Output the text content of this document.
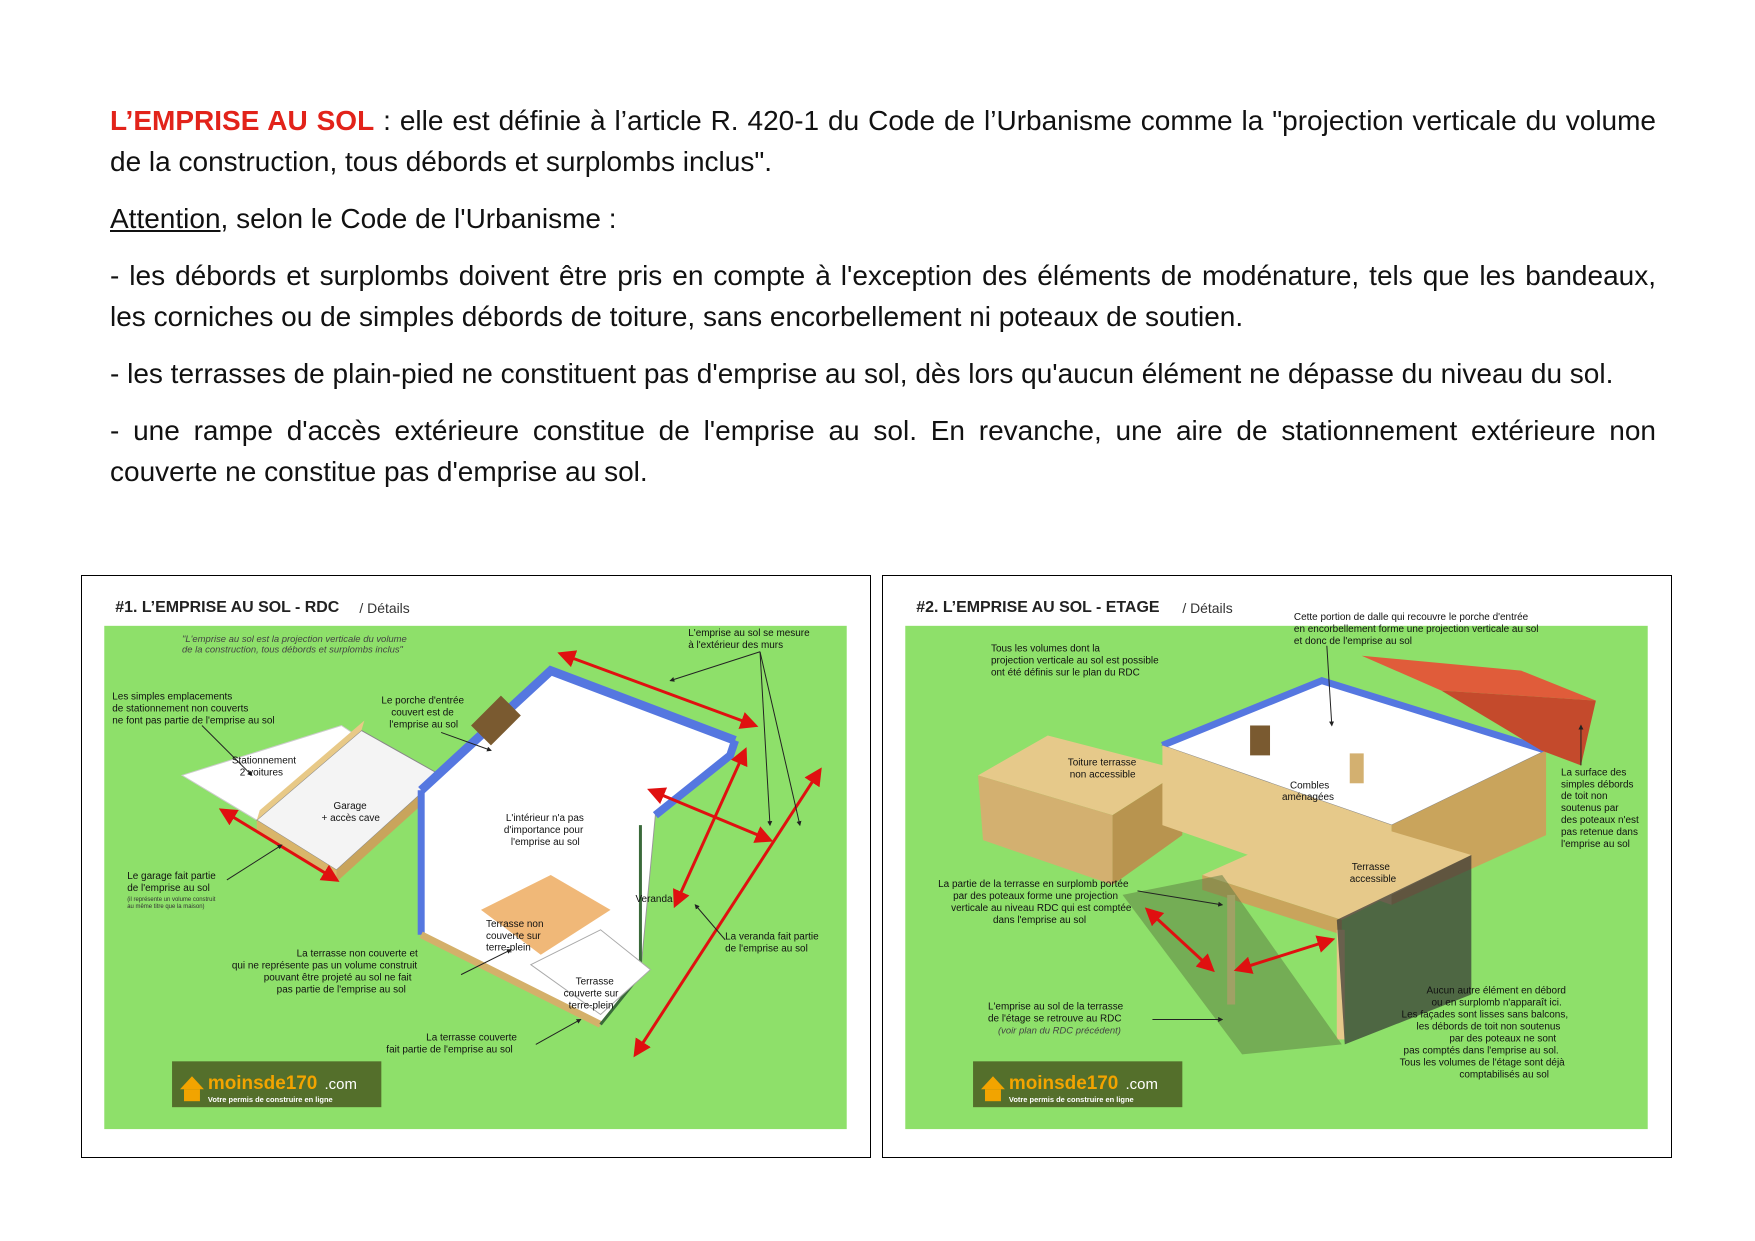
L’EMPRISE AU SOL : elle est définie à l’article R. 420-1 du Code de l’Urbanisme comme la "projection verticale du volume de la construction, tous débords et surplombs inclus".

Attention, selon le Code de l'Urbanisme :

- les débords et surplombs doivent être pris en compte à l'exception des éléments de modénature, tels que les bandeaux, les corniches ou de simples débords de toiture, sans encorbellement ni poteaux de soutien.

- les terrasses de plain-pied ne constituent pas d'emprise au sol, dès lors qu'aucun élément ne dépasse du niveau du sol.

- une rampe d'accès extérieure constitue de l'emprise au sol. En revanche, une aire de stationnement extérieure non couverte ne constitue pas d'emprise au sol.

#1. L’EMPRISE AU SOL - RDC / Détails
"L'emprise au sol est la projection verticale du volume
de la construction, tous débords et surplombs inclus"
Les simples emplacements
de stationnement non couverts
ne font pas partie de l'emprise au sol
Stationnement
2 voitures
Garage
+ accès cave
Le garage fait partie
de l'emprise au sol
(il représente un volume construit
au même titre que la maison)
Le porche d'entrée
couvert est de
l'emprise au sol
L'emprise au sol se mesure
à l'extérieur des murs
L'intérieur n'a pas
d'importance pour
l'emprise au sol
Veranda
La veranda fait partie
de l'emprise au sol
Terrasse non
couverte sur
terre-plein
Terrasse
couverte sur
terre-plein
La terrasse non couverte et
qui ne représente pas un volume construit
pouvant être projeté au sol ne fait
pas partie de l'emprise au sol
La terrasse couverte
fait partie de l'emprise au sol
moinsde170 .com
Votre permis de construire en ligne
#2. L’EMPRISE AU SOL - ETAGE / Détails
Cette portion de dalle qui recouvre le porche d'entrée
en encorbellement forme une projection verticale au sol
et donc de l'emprise au sol
Tous les volumes dont la
projection verticale au sol est possible
ont été définis sur le plan du RDC
Toiture terrasse
non accessible
Combles
aménagées
Terrasse
accessible
La surface des
simples débords
de toit non
soutenus par
des poteaux n'est
pas retenue dans
l'emprise au sol
La partie de la terrasse en surplomb portée
par des poteaux forme une projection
verticale au niveau RDC qui est comptée
dans l'emprise au sol
L'emprise au sol de la terrasse
de l'étage se retrouve au RDC
(voir plan du RDC précédent)
Aucun autre élément en débord
ou en surplomb n'apparaît ici.
Les façades sont lisses sans balcons,
les débords de toit non soutenus
par des poteaux ne sont
pas comptés dans l'emprise au sol.
Tous les volumes de l'étage sont déjà
comptabilisés au sol
moinsde170 .com
Votre permis de construire en ligne
